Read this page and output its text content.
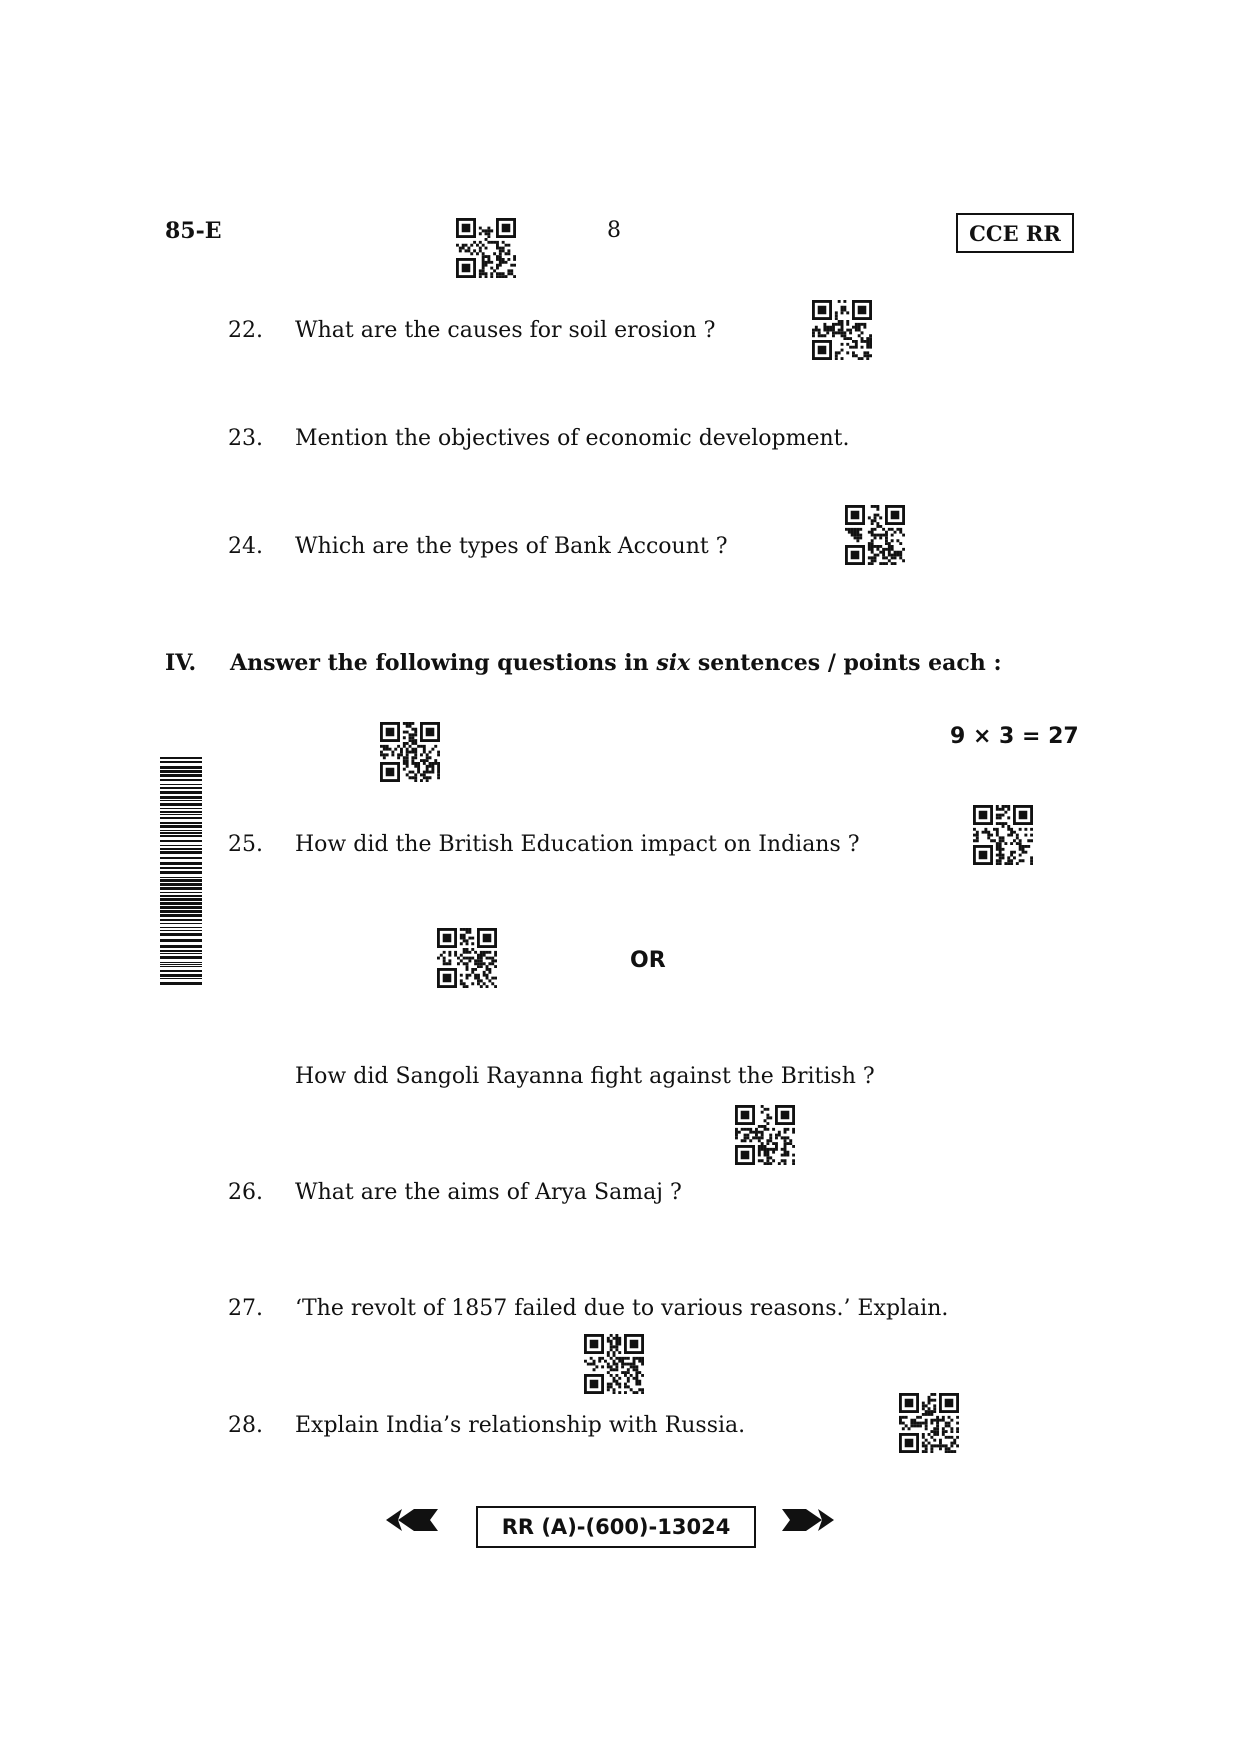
85-E	8	CCE RR
22. What are the causes for soil erosion ?
23. Mention the objectives of economic development.
24. Which are the types of Bank Account ?
IV. Answer the following questions in six sentences / points each :
9 × 3 = 27
25. How did the British Education impact on Indians ?
OR
How did Sangoli Rayanna fight against the British ?
26. What are the aims of Arya Samaj ?
27. ‘The revolt of 1857 failed due to various reasons.’ Explain.
28. Explain India’s relationship with Russia.
RR (A)-(600)-13024
